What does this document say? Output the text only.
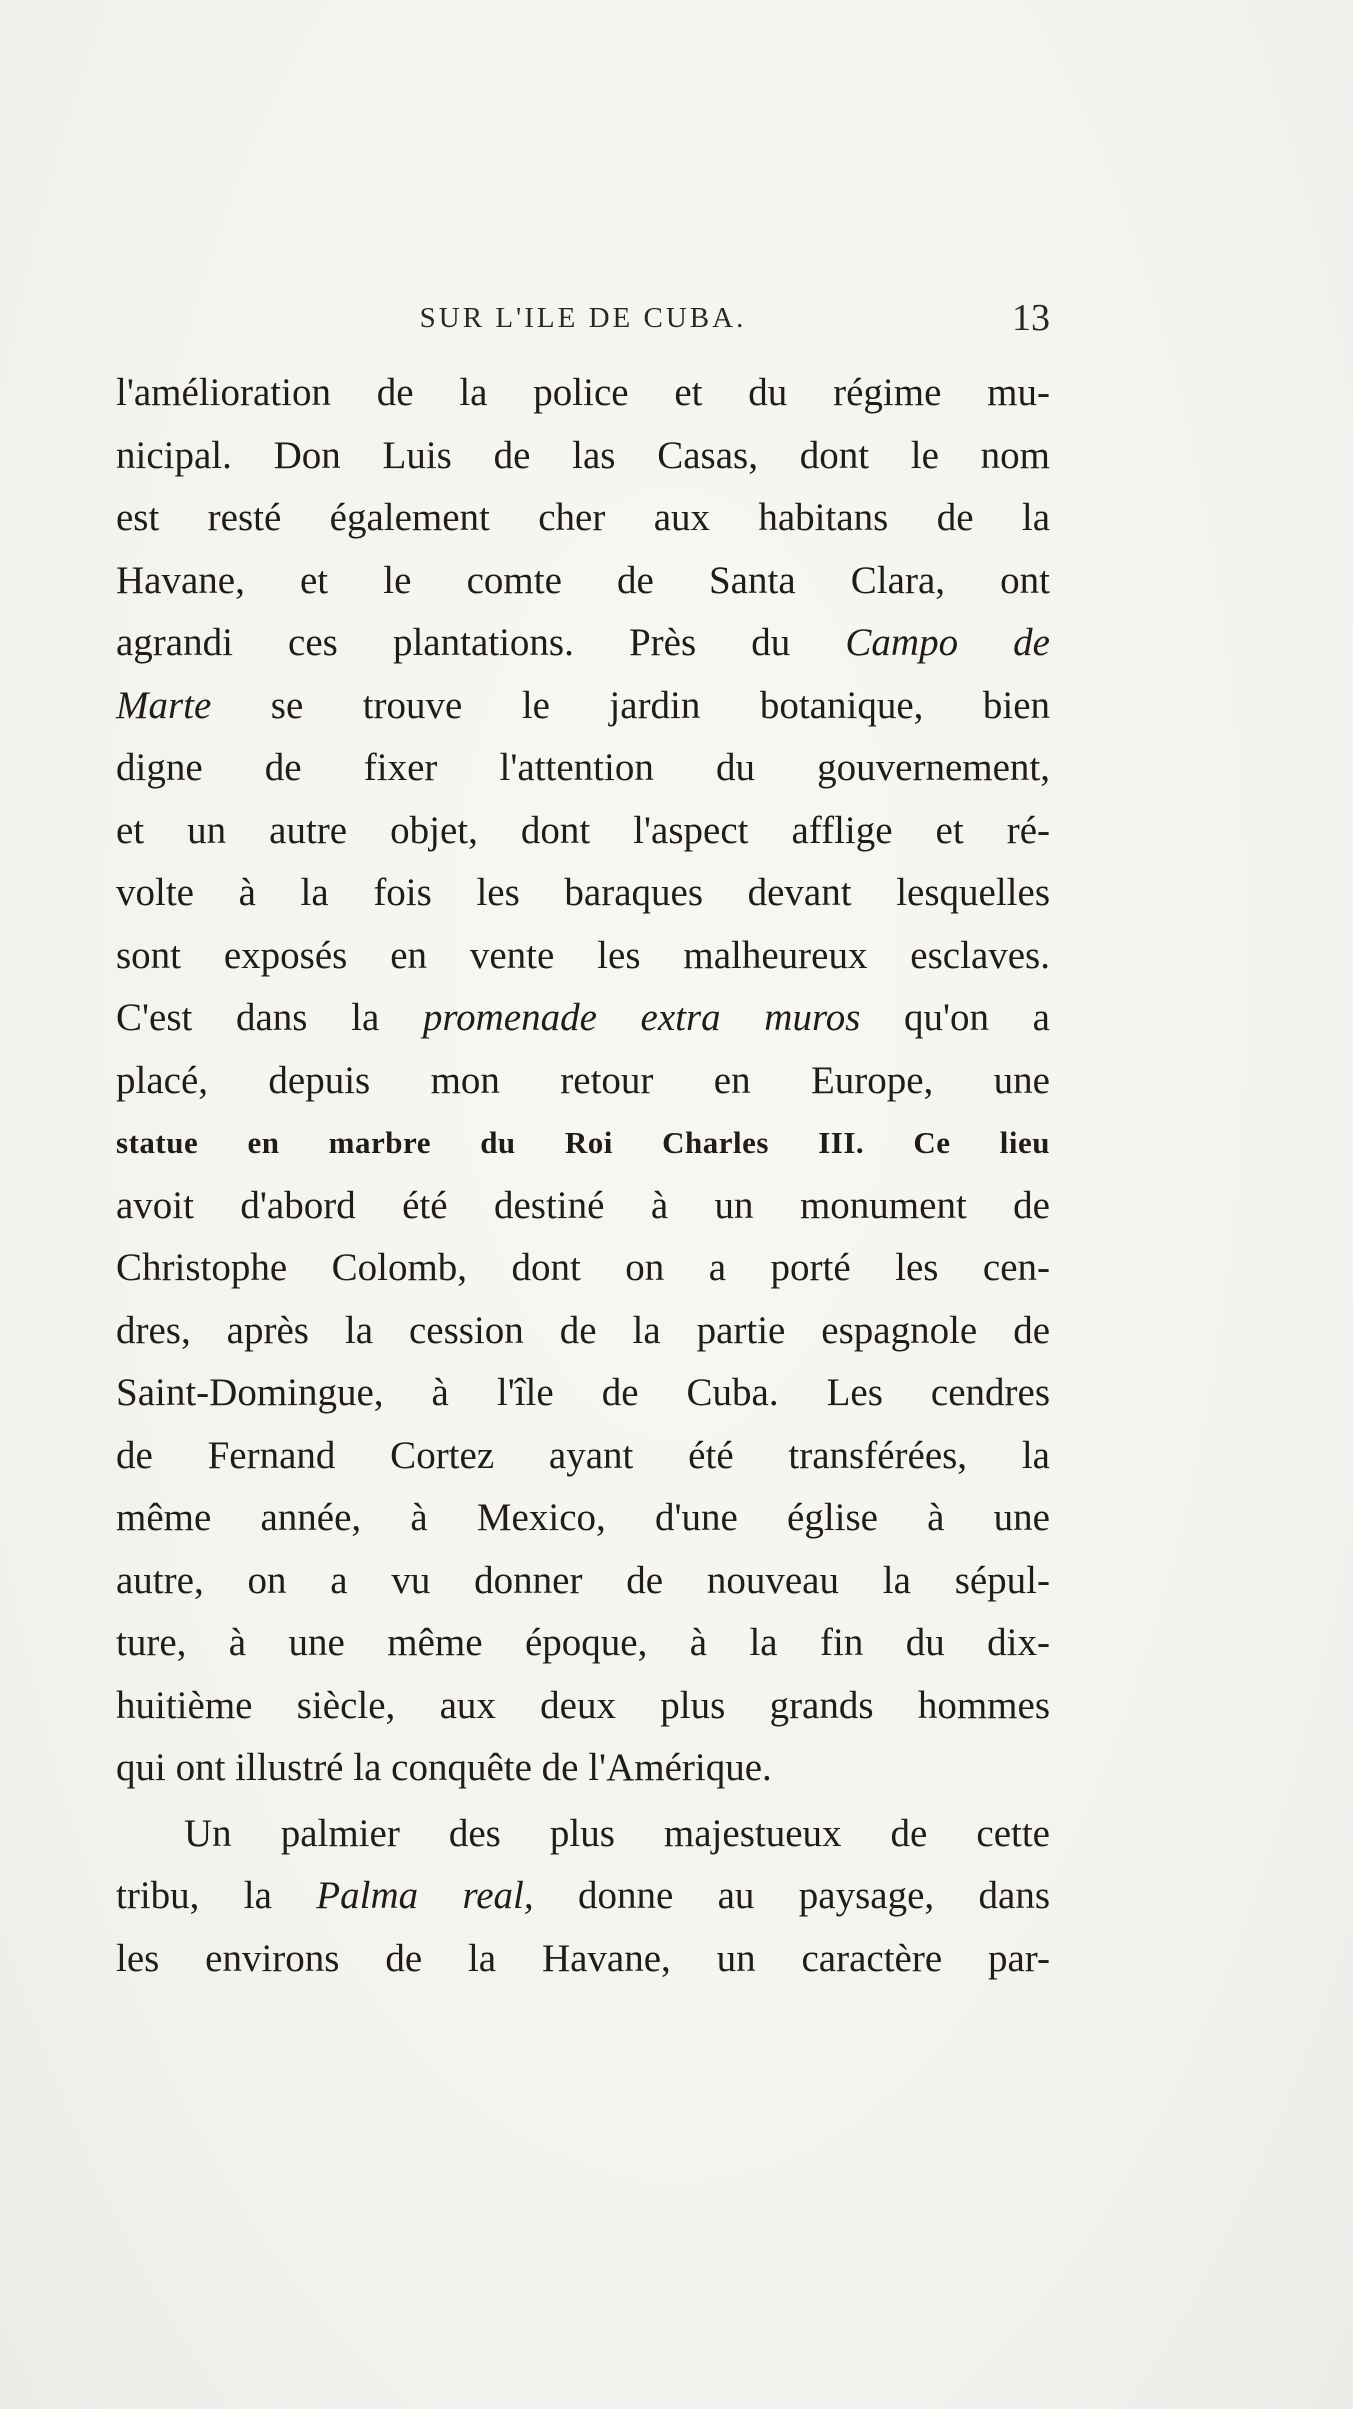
SUR L'ILE DE CUBA.	13
l'amélioration de la police et du régime mu-
nicipal. Don Luis de las Casas, dont le nom
est resté également cher aux habitans de la
Havane, et le comte de Santa Clara, ont
agrandi ces plantations. Près du Campo de
Marte se trouve le jardin botanique, bien
digne de fixer l'attention du gouvernement,
et un autre objet, dont l'aspect afflige et ré-
volte à la fois les baraques devant lesquelles
sont exposés en vente les malheureux esclaves.
C'est dans la promenade extra muros qu'on a
placé, depuis mon retour en Europe, une
statue en marbre du Roi Charles III. Ce lieu
avoit d'abord été destiné à un monument de
Christophe Colomb, dont on a porté les cen-
dres, après la cession de la partie espagnole de
Saint-Domingue, à l'île de Cuba. Les cendres
de Fernand Cortez ayant été transférées, la
même année, à Mexico, d'une église à une
autre, on a vu donner de nouveau la sépul-
ture, à une même époque, à la fin du dix-
huitième siècle, aux deux plus grands hommes
qui ont illustré la conquête de l'Amérique.
Un palmier des plus majestueux de cette
tribu, la Palma real, donne au paysage, dans
les environs de la Havane, un caractère par-
